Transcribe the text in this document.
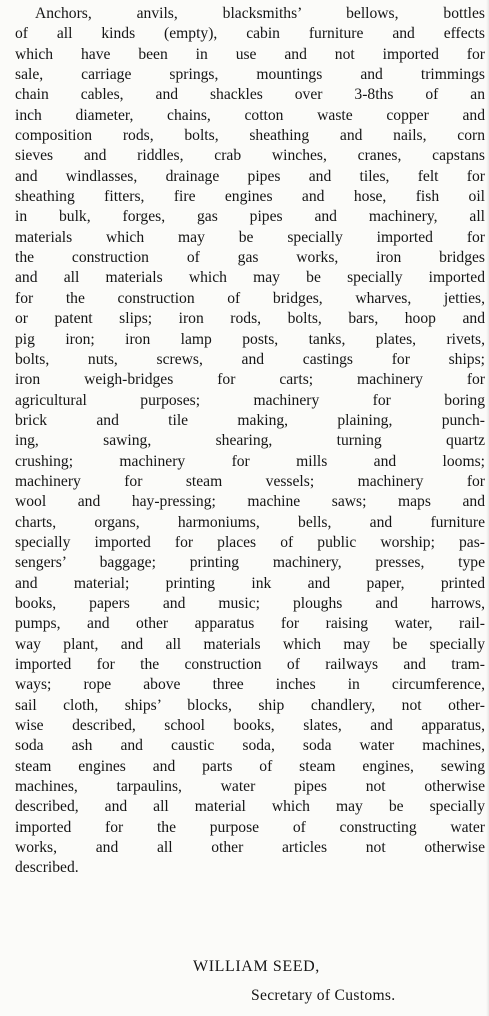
Anchors, anvils, blacksmiths’ bellows, bottles
of all kinds (empty), cabin furniture and effects
which have been in use and not imported for
sale, carriage springs, mountings and trimmings
chain cables, and shackles over 3-8ths of an
inch diameter, chains, cotton waste copper and
composition rods, bolts, sheathing and nails, corn
sieves and riddles, crab winches, cranes, capstans
and windlasses, drainage pipes and tiles, felt for
sheathing fitters, fire engines and hose, fish oil
in bulk, forges, gas pipes and machinery, all
materials which may be specially imported for
the construction of gas works, iron bridges
and all materials which may be specially imported
for the construction of bridges, wharves, jetties,
or patent slips; iron rods, bolts, bars, hoop and
pig iron; iron lamp posts, tanks, plates, rivets,
bolts, nuts, screws, and castings for ships;
iron weigh-bridges for carts; machinery for
agricultural purposes; machinery for boring
brick and tile making, plaining, punch-
ing, sawing, shearing, turning quartz
crushing; machinery for mills and looms;
machinery for steam vessels; machinery for
wool and hay-pressing; machine saws; maps and
charts, organs, harmoniums, bells, and furniture
specially imported for places of public worship; pas-
sengers’ baggage; printing machinery, presses, type
and material; printing ink and paper, printed
books, papers and music; ploughs and harrows,
pumps, and other apparatus for raising water, rail-
way plant, and all materials which may be specially
imported for the construction of railways and tram-
ways; rope above three inches in circumference,
sail cloth, ships’ blocks, ship chandlery, not other-
wise described, school books, slates, and apparatus,
soda ash and caustic soda, soda water machines,
steam engines and parts of steam engines, sewing
machines, tarpaulins, water pipes not otherwise
described, and all material which may be specially
imported for the purpose of constructing water
works, and all other articles not otherwise
described.
WILLIAM SEED,
Secretary of Customs.
